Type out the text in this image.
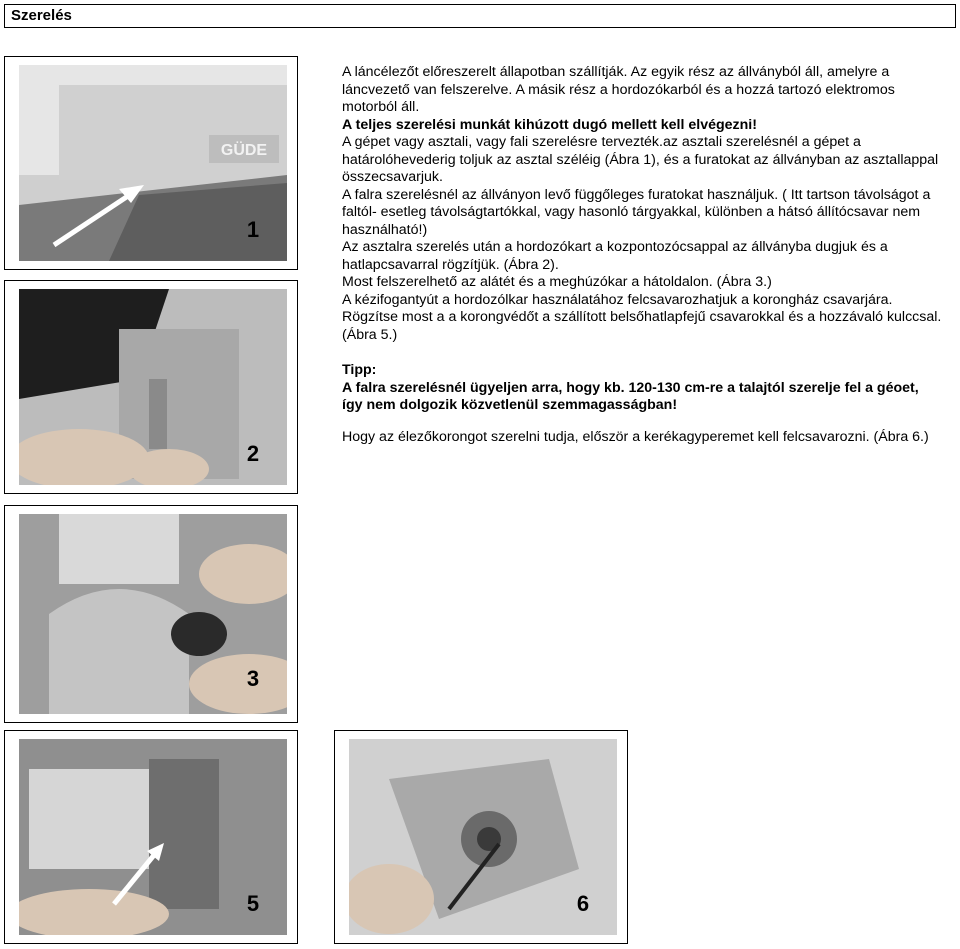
Szerelés
GÜDE
1
2
3
5	6

A láncélezőt előreszerelt állapotban szállítják. Az egyik rész az állványból áll, amelyre a láncvezető van felszerelve. A másik rész a hordozókarból és a hozzá tartozó elektromos motorból áll.

A teljes szerelési munkát kihúzott dugó mellett kell elvégezni!

A gépet vagy asztali, vagy fali szerelésre tervezték.az asztali szerelésnél a gépet a határolóhevederig toljuk az asztal széléig (Ábra 1), és a furatokat az állványban az asztallappal összecsavarjuk.

A falra szerelésnél az állványon levő függőleges furatokat használjuk. ( Itt tartson távolságot a faltól- esetleg távolságtartókkal, vagy hasonló tárgyakkal, különben a hátsó állítócsavar nem használható!)

Az asztalra szerelés után a hordozókart a kozpontozócsappal az állványba dugjuk és a hatlapcsavarral rögzítjük. (Ábra 2).

Most felszerelhető az alátét és a meghúzókar a hátoldalon. (Ábra 3.)

A kézifogantyút a hordozólkar használatához felcsavarozhatjuk a korongház csavarjára.

Rögzítse most a a korongvédőt a szállított belsőhatlapfejű csavarokkal és a hozzávaló kulccsal. (Ábra 5.)

Tipp:

A falra szerelésnél ügyeljen arra, hogy kb. 120-130 cm-re a talajtól szerelje fel a géoet, így nem dolgozik közvetlenül szemmagasságban!

Hogy az élezőkorongot szerelni tudja, először a kerékagyperemet kell felcsavarozni. (Ábra 6.)
